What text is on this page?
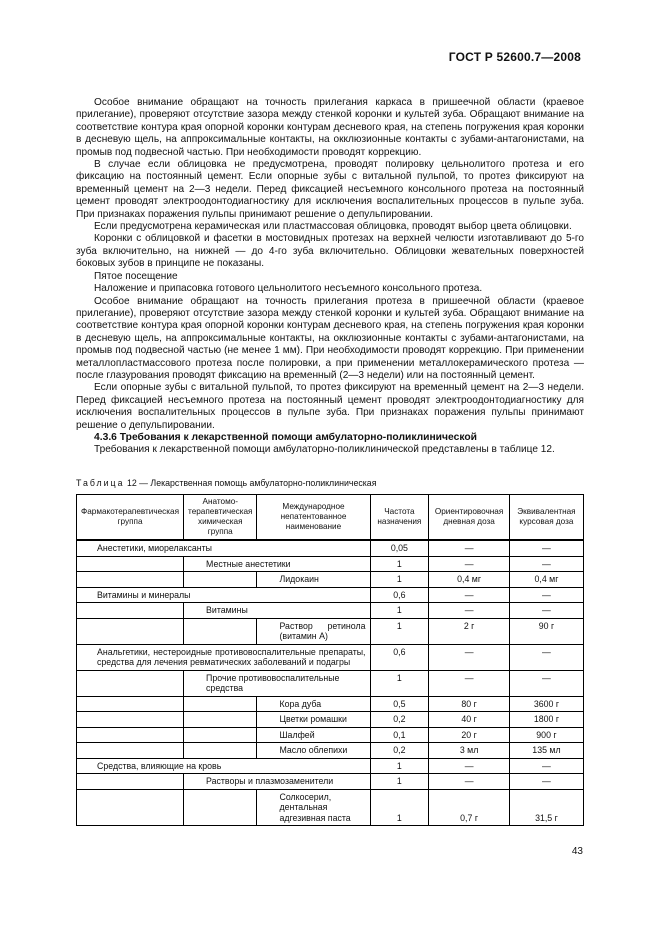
ГОСТ Р 52600.7—2008

Особое внимание обращают на точность прилегания каркаса в пришеечной области (краевое прилегание), проверяют отсутствие зазора между стенкой коронки и культей зуба. Обращают внимание на соответствие контура края опорной коронки контурам десневого края, на степень погружения края коронки в десневую щель, на аппроксимальные контакты, на окклюзионные контакты с зубами-антагонистами, на промыв под подвесной частью. При необходимости проводят коррекцию.

В случае если облицовка не предусмотрена, проводят полировку цельнолитого протеза и его фиксацию на постоянный цемент. Если опорные зубы с витальной пульпой, то протез фиксируют на временный цемент на 2—3 недели. Перед фиксацией несъемного консольного протеза на постоянный цемент проводят электроодонтодиагностику для исключения воспалительных процессов в пульпе зуба. При признаках поражения пульпы принимают решение о депульпировании.

Если предусмотрена керамическая или пластмассовая облицовка, проводят выбор цвета облицовки.

Коронки с облицовкой и фасетки в мостовидных протезах на верхней челюсти изготавливают до 5-го зуба включительно, на нижней — до 4-го зуба включительно. Облицовки жевательных поверхностей боковых зубов в принципе не показаны.

Пятое посещение

Наложение и припасовка готового цельнолитого несъемного консольного протеза.

Особое внимание обращают на точность прилегания протеза в пришеечной области (краевое прилегание), проверяют отсутствие зазора между стенкой коронки и культей зуба. Обращают внимание на соответствие контура края опорной коронки контурам десневого края, на степень погружения края коронки в десневую щель, на аппроксимальные контакты, на окклюзионные контакты с зубами-антагонистами, на промыв под подвесной частью (не менее 1 мм). При необходимости проводят коррекцию. При применении металлопластмассового протеза после полировки, а при применении металлокерамического протеза — после глазурования проводят фиксацию на временный (2—3 недели) или на постоянный цемент.

Если опорные зубы с витальной пульпой, то протез фиксируют на временный цемент на 2—3 недели. Перед фиксацией несъемного протеза на постоянный цемент проводят электроодонтодиагностику для исключения воспалительных процессов в пульпе зуба. При признаках поражения пульпы принимают решение о депульпировании.

4.3.6 Требования к лекарственной помощи амбулаторно-поликлинической

Требования к лекарственной помощи амбулаторно-поликлинической представлены в таблице 12.

Таблица 12 — Лекарственная помощь амбулаторно-поликлиническая
Фармакотерапевтическая группа	Анатомо-терапевтическая химическая группа	Международное непатентованное наименование	Частота назначения	Ориентировочная дневная доза	Эквивалентная курсовая доза
Анестетики, миорелаксанты			0,05	—	—
	Местные анестетики		1	—	—
		Лидокаин	1	0,4 мг	0,4 мг
Витамины и минералы			0,6	—	—
	Витамины		1	—	—
		Раствор ретинола (витамин А)	1	2 г	90 г
Анальгетики, нестероидные противовоспалительные препараты, средства для лечения ревматических заболеваний и подагры			0,6	—	—
	Прочие противовоспалительные средства		1	—	—
		Кора дуба	0,5	80 г	3600 г
		Цветки ромашки	0,2	40 г	1800 г
		Шалфей	0,1	20 г	900 г
		Масло облепихи	0,2	3 мл	135 мл
Средства, влияющие на кровь			1	—	—
	Растворы и плазмозаменители		1	—	—
		Солкосерил, дентальная адгезивная паста	1	0,7 г	31,5 г
43
